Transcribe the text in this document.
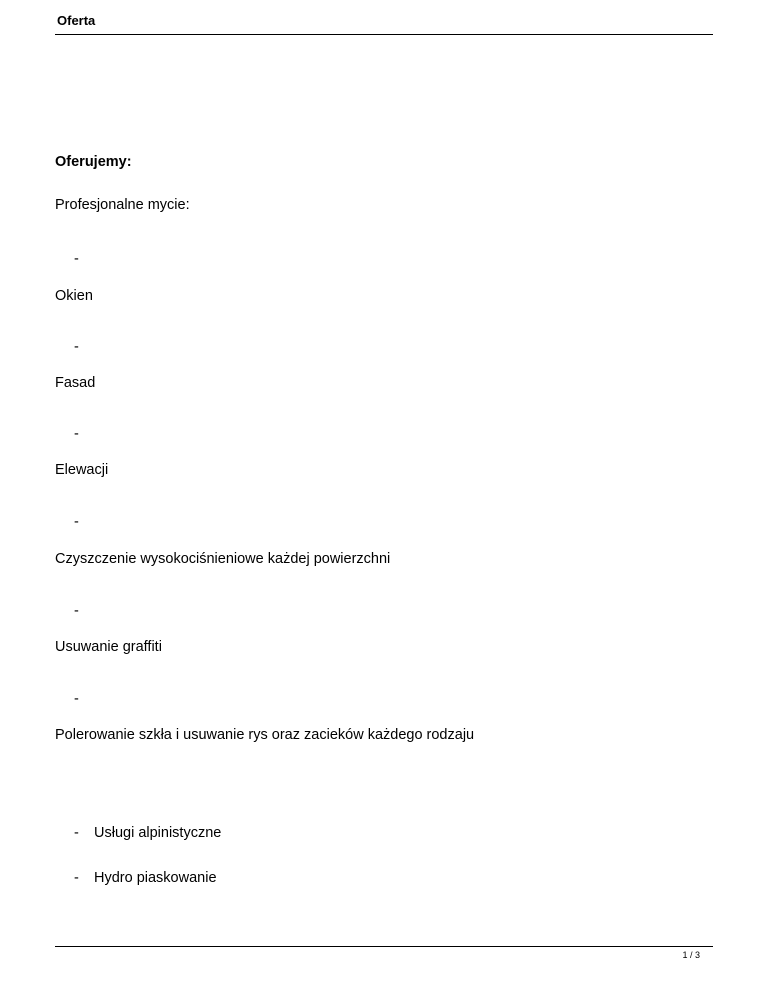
Oferta
Oferujemy:
Profesjonalne mycie:
-
Okien
-
Fasad
-
Elewacji
-
Czyszczenie wysokociśnieniowe każdej powierzchni
-
Usuwanie graffiti
-
Polerowanie szkła i usuwanie rys oraz zacieków każdego rodzaju
- Usługi alpinistyczne
- Hydro piaskowanie
1 / 3
